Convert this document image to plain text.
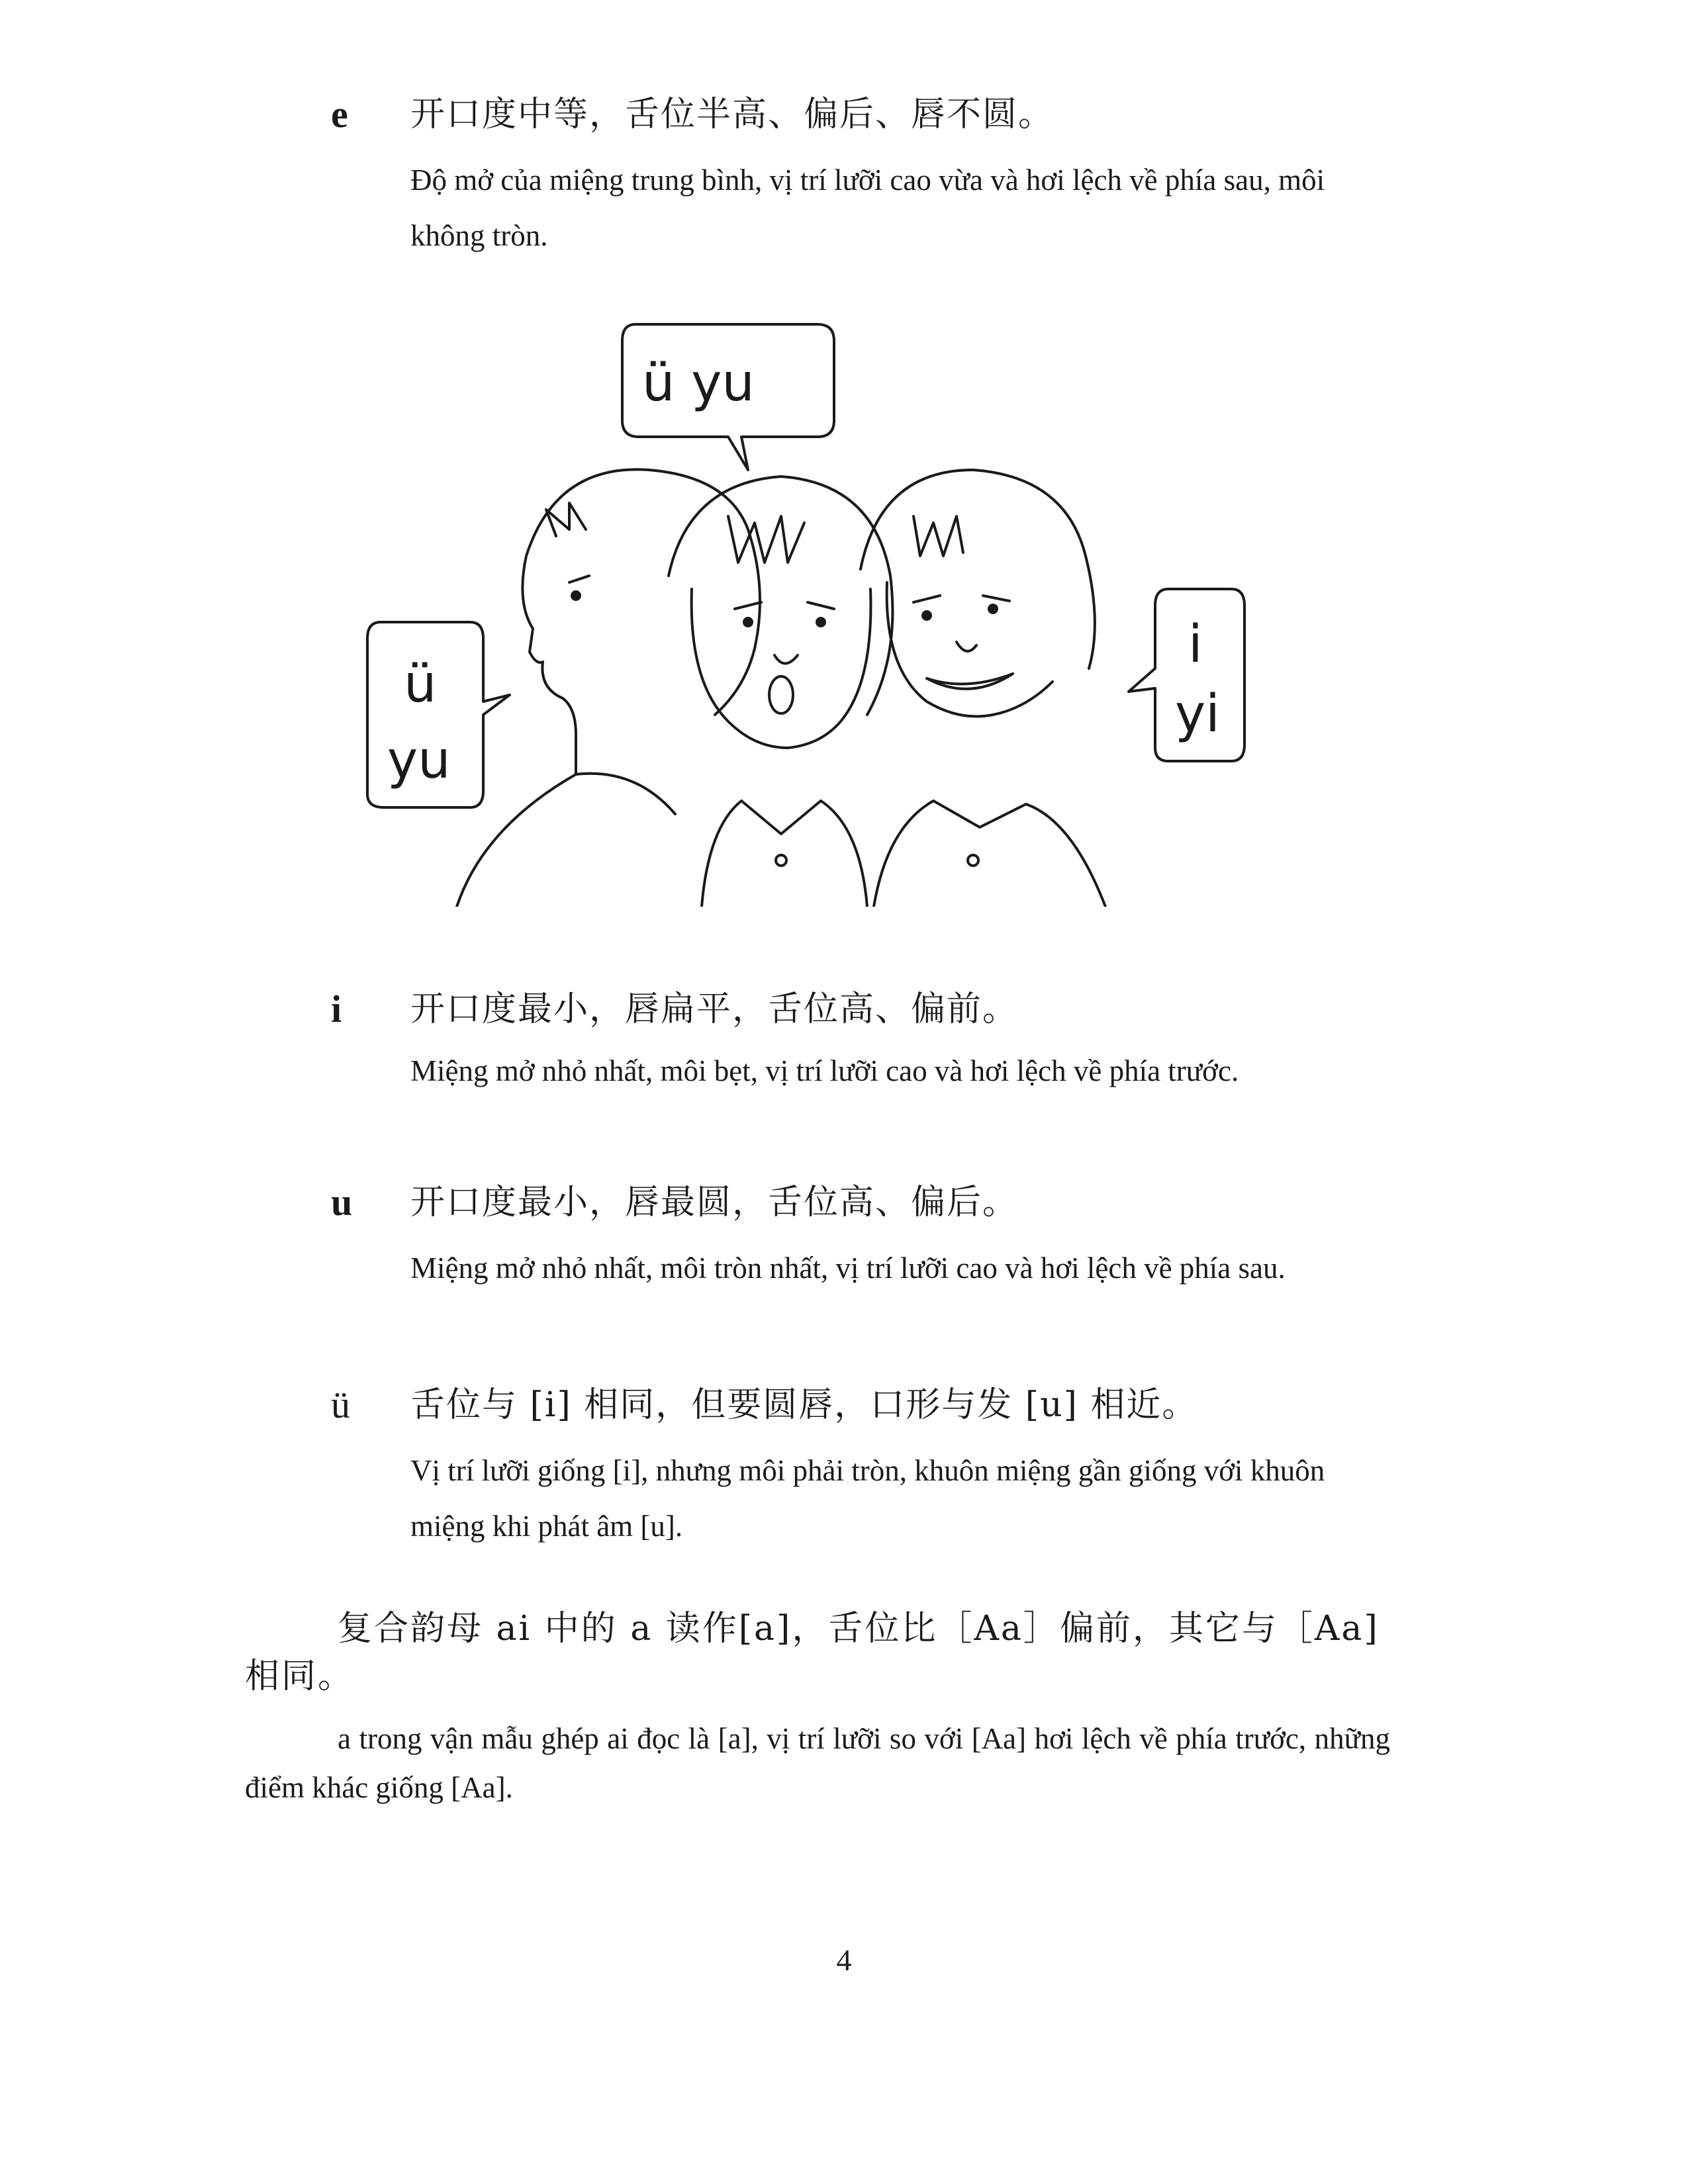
e	开口度中等，舌位半高、偏后、唇不圆。
Độ mở của miệng trung bình, vị trí lưỡi cao vừa và hơi lệch về phía sau, môi không tròn.
ü yu
ü
yu
i
yi
i	开口度最小，唇扁平，舌位高、偏前。
Miệng mở nhỏ nhất, môi bẹt, vị trí lưỡi cao và hơi lệch về phía trước.
u	开口度最小，唇最圆，舌位高、偏后。
Miệng mở nhỏ nhất, môi tròn nhất, vị trí lưỡi cao và hơi lệch về phía sau.
ü	舌位与 [i] 相同，但要圆唇，口形与发 [u] 相近。
Vị trí lưỡi giống [i], nhưng môi phải tròn, khuôn miệng gần giống với khuôn miệng khi phát âm [u].
复合韵母 ai 中的 a 读作[a]，舌位比［Aa］偏前，其它与［Aa]相同。
a trong vận mẫu ghép ai đọc là [a], vị trí lưỡi so với [Aa] hơi lệch về phía trước, những điểm khác giống [Aa].
4
